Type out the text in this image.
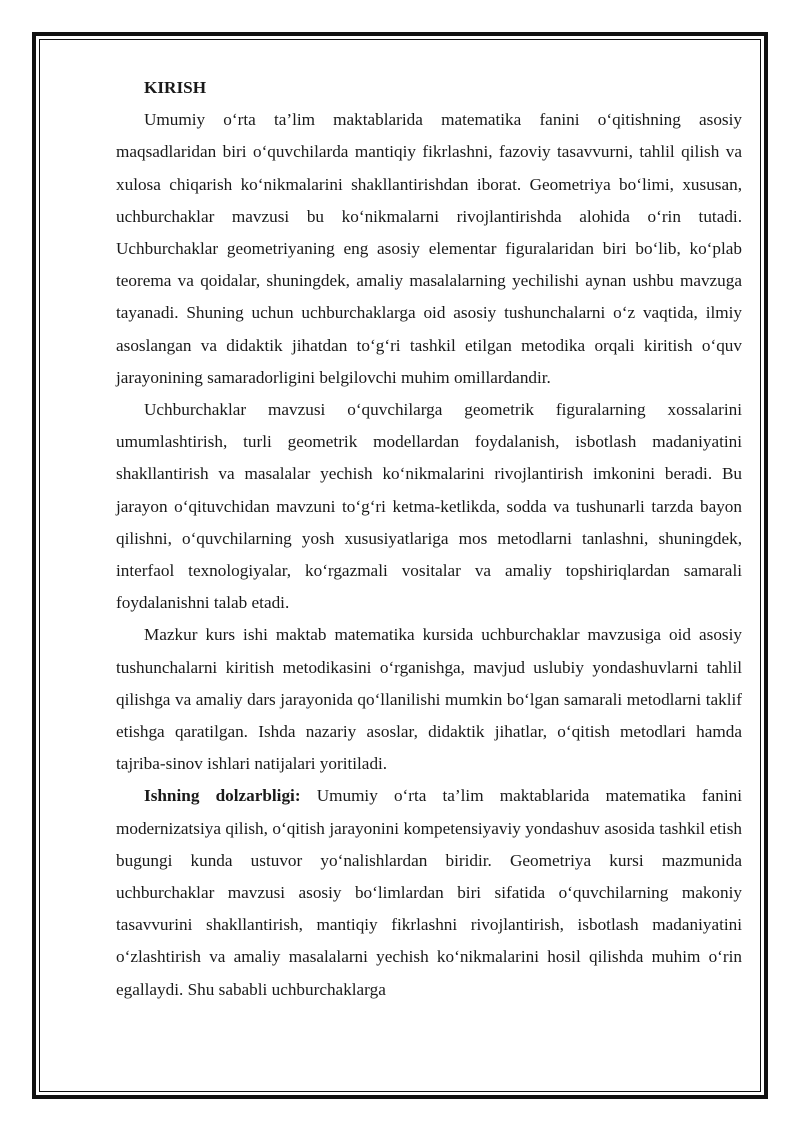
KIRISH

Umumiy o‘rta ta’lim maktablarida matematika fanini o‘qitishning asosiy maqsadlaridan biri o‘quvchilarda mantiqiy fikrlashni, fazoviy tasavvurni, tahlil qilish va xulosa chiqarish ko‘nikmalarini shakllantirishdan iborat. Geometriya bo‘limi, xususan, uchburchaklar mavzusi bu ko‘nikmalarni rivojlantirishda alohida o‘rin tutadi. Uchburchaklar geometriyaning eng asosiy elementar figuralaridan biri bo‘lib, ko‘plab teorema va qoidalar, shuningdek, amaliy masalalarning yechilishi aynan ushbu mavzuga tayanadi. Shuning uchun uchburchaklarga oid asosiy tushunchalarni o‘z vaqtida, ilmiy asoslangan va didaktik jihatdan to‘g‘ri tashkil etilgan metodika orqali kiritish o‘quv jarayonining samaradorligini belgilovchi muhim omillardandir.

Uchburchaklar mavzusi o‘quvchilarga geometrik figuralarning xossalarini umumlashtirish, turli geometrik modellardan foydalanish, isbotlash madaniyatini shakllantirish va masalalar yechish ko‘nikmalarini rivojlantirish imkonini beradi. Bu jarayon o‘qituvchidan mavzuni to‘g‘ri ketma-ketlikda, sodda va tushunarli tarzda bayon qilishni, o‘quvchilarning yosh xususiyatlariga mos metodlarni tanlashni, shuningdek, interfaol texnologiyalar, ko‘rgazmali vositalar va amaliy topshiriqlardan samarali foydalanishni talab etadi.

Mazkur kurs ishi maktab matematika kursida uchburchaklar mavzusiga oid asosiy tushunchalarni kiritish metodikasini o‘rganishga, mavjud uslubiy yondashuvlarni tahlil qilishga va amaliy dars jarayonida qo‘llanilishi mumkin bo‘lgan samarali metodlarni taklif etishga qaratilgan. Ishda nazariy asoslar, didaktik jihatlar, o‘qitish metodlari hamda tajriba-sinov ishlari natijalari yoritiladi.

Ishning dolzarbligi: Umumiy o‘rta ta’lim maktablarida matematika fanini modernizatsiya qilish, o‘qitish jarayonini kompetensiyaviy yondashuv asosida tashkil etish bugungi kunda ustuvor yo‘nalishlardan biridir. Geometriya kursi mazmunida uchburchaklar mavzusi asosiy bo‘limlardan biri sifatida o‘quvchilarning makoniy tasavvurini shakllantirish, mantiqiy fikrlashni rivojlantirish, isbotlash madaniyatini o‘zlashtirish va amaliy masalalarni yechish ko‘nikmalarini hosil qilishda muhim o‘rin egallaydi. Shu sababli uchburchaklarga
